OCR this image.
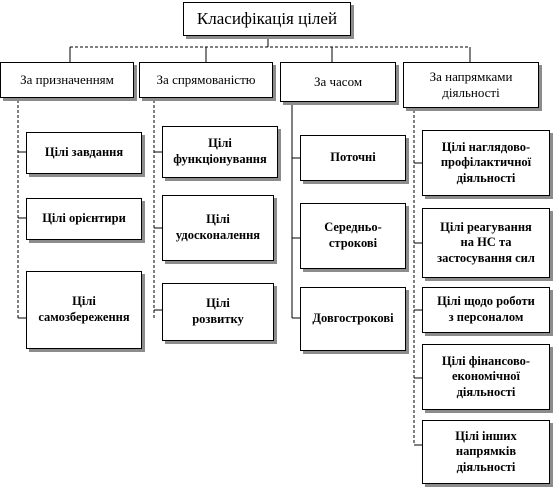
Класифікація цілей
За призначенням	За спрямованістю	За часом	За напрямками
діяльності
Цілі завдання
Цілі орієнтири
Цілі
самозбереження
Цілі
функціонування
Цілі
удосконалення
Цілі
розвитку
Поточні
Середньо-
строкові
Довгострокові
Цілі наглядово-
профілактичної
діяльності
Цілі реагування
на НС та
застосування сил
Цілі щодо роботи
з персоналом
Цілі фінансово-
економічної
діяльності
Цілі інших
напрямків
діяльності
